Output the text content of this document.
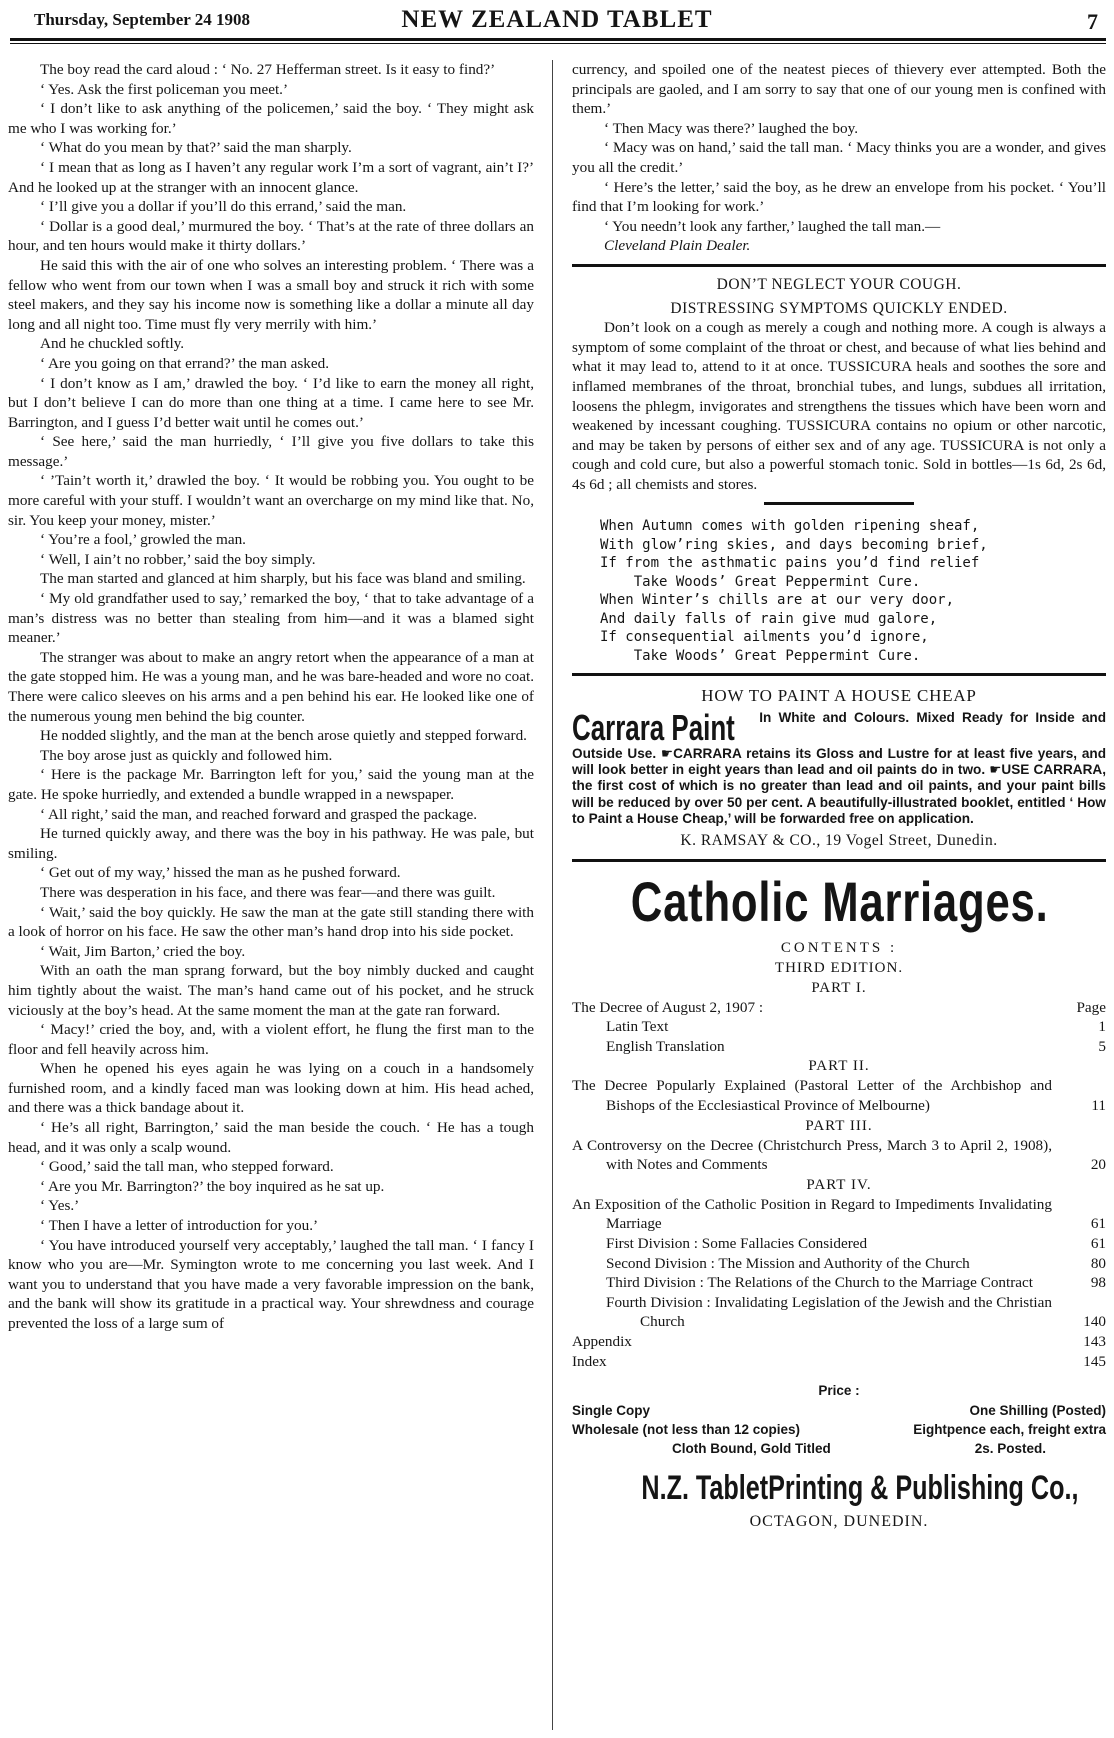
Thursday, September 24 1908	NEW ZEALAND TABLET	7

The boy read the card aloud : ‘ No. 27 Hefferman street. Is it easy to find?’

‘ Yes. Ask the first policeman you meet.’

‘ I don’t like to ask anything of the policemen,’ said the boy. ‘ They might ask me who I was working for.’

‘ What do you mean by that?’ said the man sharply.

‘ I mean that as long as I haven’t any regular work I’m a sort of vagrant, ain’t I?’ And he looked up at the stranger with an innocent glance.

‘ I’ll give you a dollar if you’ll do this errand,’ said the man.

‘ Dollar is a good deal,’ murmured the boy. ‘ That’s at the rate of three dollars an hour, and ten hours would make it thirty dollars.’

He said this with the air of one who solves an interesting problem. ‘ There was a fellow who went from our town when I was a small boy and struck it rich with some steel makers, and they say his income now is something like a dollar a minute all day long and all night too. Time must fly very merrily with him.’

And he chuckled softly.

‘ Are you going on that errand?’ the man asked.

‘ I don’t know as I am,’ drawled the boy. ‘ I’d like to earn the money all right, but I don’t believe I can do more than one thing at a time. I came here to see Mr. Barrington, and I guess I’d better wait until he comes out.’

‘ See here,’ said the man hurriedly, ‘ I’ll give you five dollars to take this message.’

‘ ’Tain’t worth it,’ drawled the boy. ‘ It would be robbing you. You ought to be more careful with your stuff. I wouldn’t want an overcharge on my mind like that. No, sir. You keep your money, mister.’

‘ You’re a fool,’ growled the man.

‘ Well, I ain’t no robber,’ said the boy simply.

The man started and glanced at him sharply, but his face was bland and smiling.

‘ My old grandfather used to say,’ remarked the boy, ‘ that to take advantage of a man’s distress was no better than stealing from him—and it was a blamed sight meaner.’

The stranger was about to make an angry retort when the appearance of a man at the gate stopped him. He was a young man, and he was bare-headed and wore no coat. There were calico sleeves on his arms and a pen behind his ear. He looked like one of the numerous young men behind the big counter.

He nodded slightly, and the man at the bench arose quietly and stepped forward.

The boy arose just as quickly and followed him.

‘ Here is the package Mr. Barrington left for you,’ said the young man at the gate. He spoke hurriedly, and extended a bundle wrapped in a newspaper.

‘ All right,’ said the man, and reached forward and grasped the package.

He turned quickly away, and there was the boy in his pathway. He was pale, but smiling.

‘ Get out of my way,’ hissed the man as he pushed forward.

There was desperation in his face, and there was fear—and there was guilt.

‘ Wait,’ said the boy quickly. He saw the man at the gate still standing there with a look of horror on his face. He saw the other man’s hand drop into his side pocket.

‘ Wait, Jim Barton,’ cried the boy.

With an oath the man sprang forward, but the boy nimbly ducked and caught him tightly about the waist. The man’s hand came out of his pocket, and he struck viciously at the boy’s head. At the same moment the man at the gate ran forward.

‘ Macy!’ cried the boy, and, with a violent effort, he flung the first man to the floor and fell heavily across him.

When he opened his eyes again he was lying on a couch in a handsomely furnished room, and a kindly faced man was looking down at him. His head ached, and there was a thick bandage about it.

‘ He’s all right, Barrington,’ said the man beside the couch. ‘ He has a tough head, and it was only a scalp wound.

‘ Good,’ said the tall man, who stepped forward.

‘ Are you Mr. Barrington?’ the boy inquired as he sat up.

‘ Yes.’

‘ Then I have a letter of introduction for you.’

‘ You have introduced yourself very acceptably,’ laughed the tall man. ‘ I fancy I know who you are—Mr. Symington wrote to me concerning you last week. And I want you to understand that you have made a very favorable impression on the bank, and the bank will show its gratitude in a practical way. Your shrewdness and courage prevented the loss of a large sum of

currency, and spoiled one of the neatest pieces of thievery ever attempted. Both the principals are gaoled, and I am sorry to say that one of our young men is confined with them.’

‘ Then Macy was there?’ laughed the boy.

‘ Macy was on hand,’ said the tall man. ‘ Macy thinks you are a wonder, and gives you all the credit.’

‘ Here’s the letter,’ said the boy, as he drew an envelope from his pocket. ‘ You’ll find that I’m looking for work.’

‘ You needn’t look any farther,’ laughed the tall man.—

Cleveland Plain Dealer.

DON’T NEGLECT YOUR COUGH.
DISTRESSING SYMPTOMS QUICKLY ENDED.

Don’t look on a cough as merely a cough and nothing more. A cough is always a symptom of some complaint of the throat or chest, and because of what lies behind and what it may lead to, attend to it at once. TUSSICURA heals and soothes the sore and inflamed membranes of the throat, bronchial tubes, and lungs, subdues all irritation, loosens the phlegm, invigorates and strengthens the tissues which have been worn and weakened by incessant coughing. TUSSICURA contains no opium or other narcotic, and may be taken by persons of either sex and of any age. TUSSICURA is not only a cough and cold cure, but also a powerful stomach tonic. Sold in bottles—1s 6d, 2s 6d, 4s 6d ; all chemists and stores.

When Autumn comes with golden ripening sheaf,
With glow’ring skies, and days becoming brief,
If from the asthmatic pains you’d find relief
Take Woods’ Great Peppermint Cure.
When Winter’s chills are at our very door,
And daily falls of rain give mud galore,
If consequential ailments you’d ignore,
Take Woods’ Great Peppermint Cure.
HOW TO PAINT A HOUSE CHEAP
Carrara Paint In White and Colours. Mixed Ready for Inside and Outside Use. ☛CARRARA retains its Gloss and Lustre for at least five years, and will look better in eight years than lead and oil paints do in two. ☛USE CARRARA, the first cost of which is no greater than lead and oil paints, and your paint bills will be reduced by over 50 per cent. A beautifully-illustrated booklet, entitled ‘ How to Paint a House Cheap,’ will be forwarded free on application.
K. RAMSAY & CO., 19 Vogel Street, Dunedin.
Catholic Marriages.
CONTENTS :
THIRD EDITION.
PART I.
The Decree of August 2, 1907 :	Page
Latin Text	1
English Translation	5
PART II.
The Decree Popularly Explained (Pastoral Letter of the Archbishop and Bishops of the Ecclesiastical Province of Melbourne)	11
PART III.
A Controversy on the Decree (Christchurch Press, March 3 to April 2, 1908), with Notes and Comments	20
PART IV.
An Exposition of the Catholic Position in Regard to Impediments Invalidating Marriage	61
First Division : Some Fallacies Considered	61
Second Division : The Mission and Authority of the Church	80
Third Division : The Relations of the Church to the Marriage Contract	98
Fourth Division : Invalidating Legislation of the Jewish and the Christian Church	140
Appendix	143
Index	145
Price :
Single Copy	One Shilling (Posted)
Wholesale (not less than 12 copies)	Eightpence each, freight extra
Cloth Bound, Gold Titled	2s. Posted.
N.Z. TabletPrinting & Publishing Co.,
OCTAGON, DUNEDIN.
